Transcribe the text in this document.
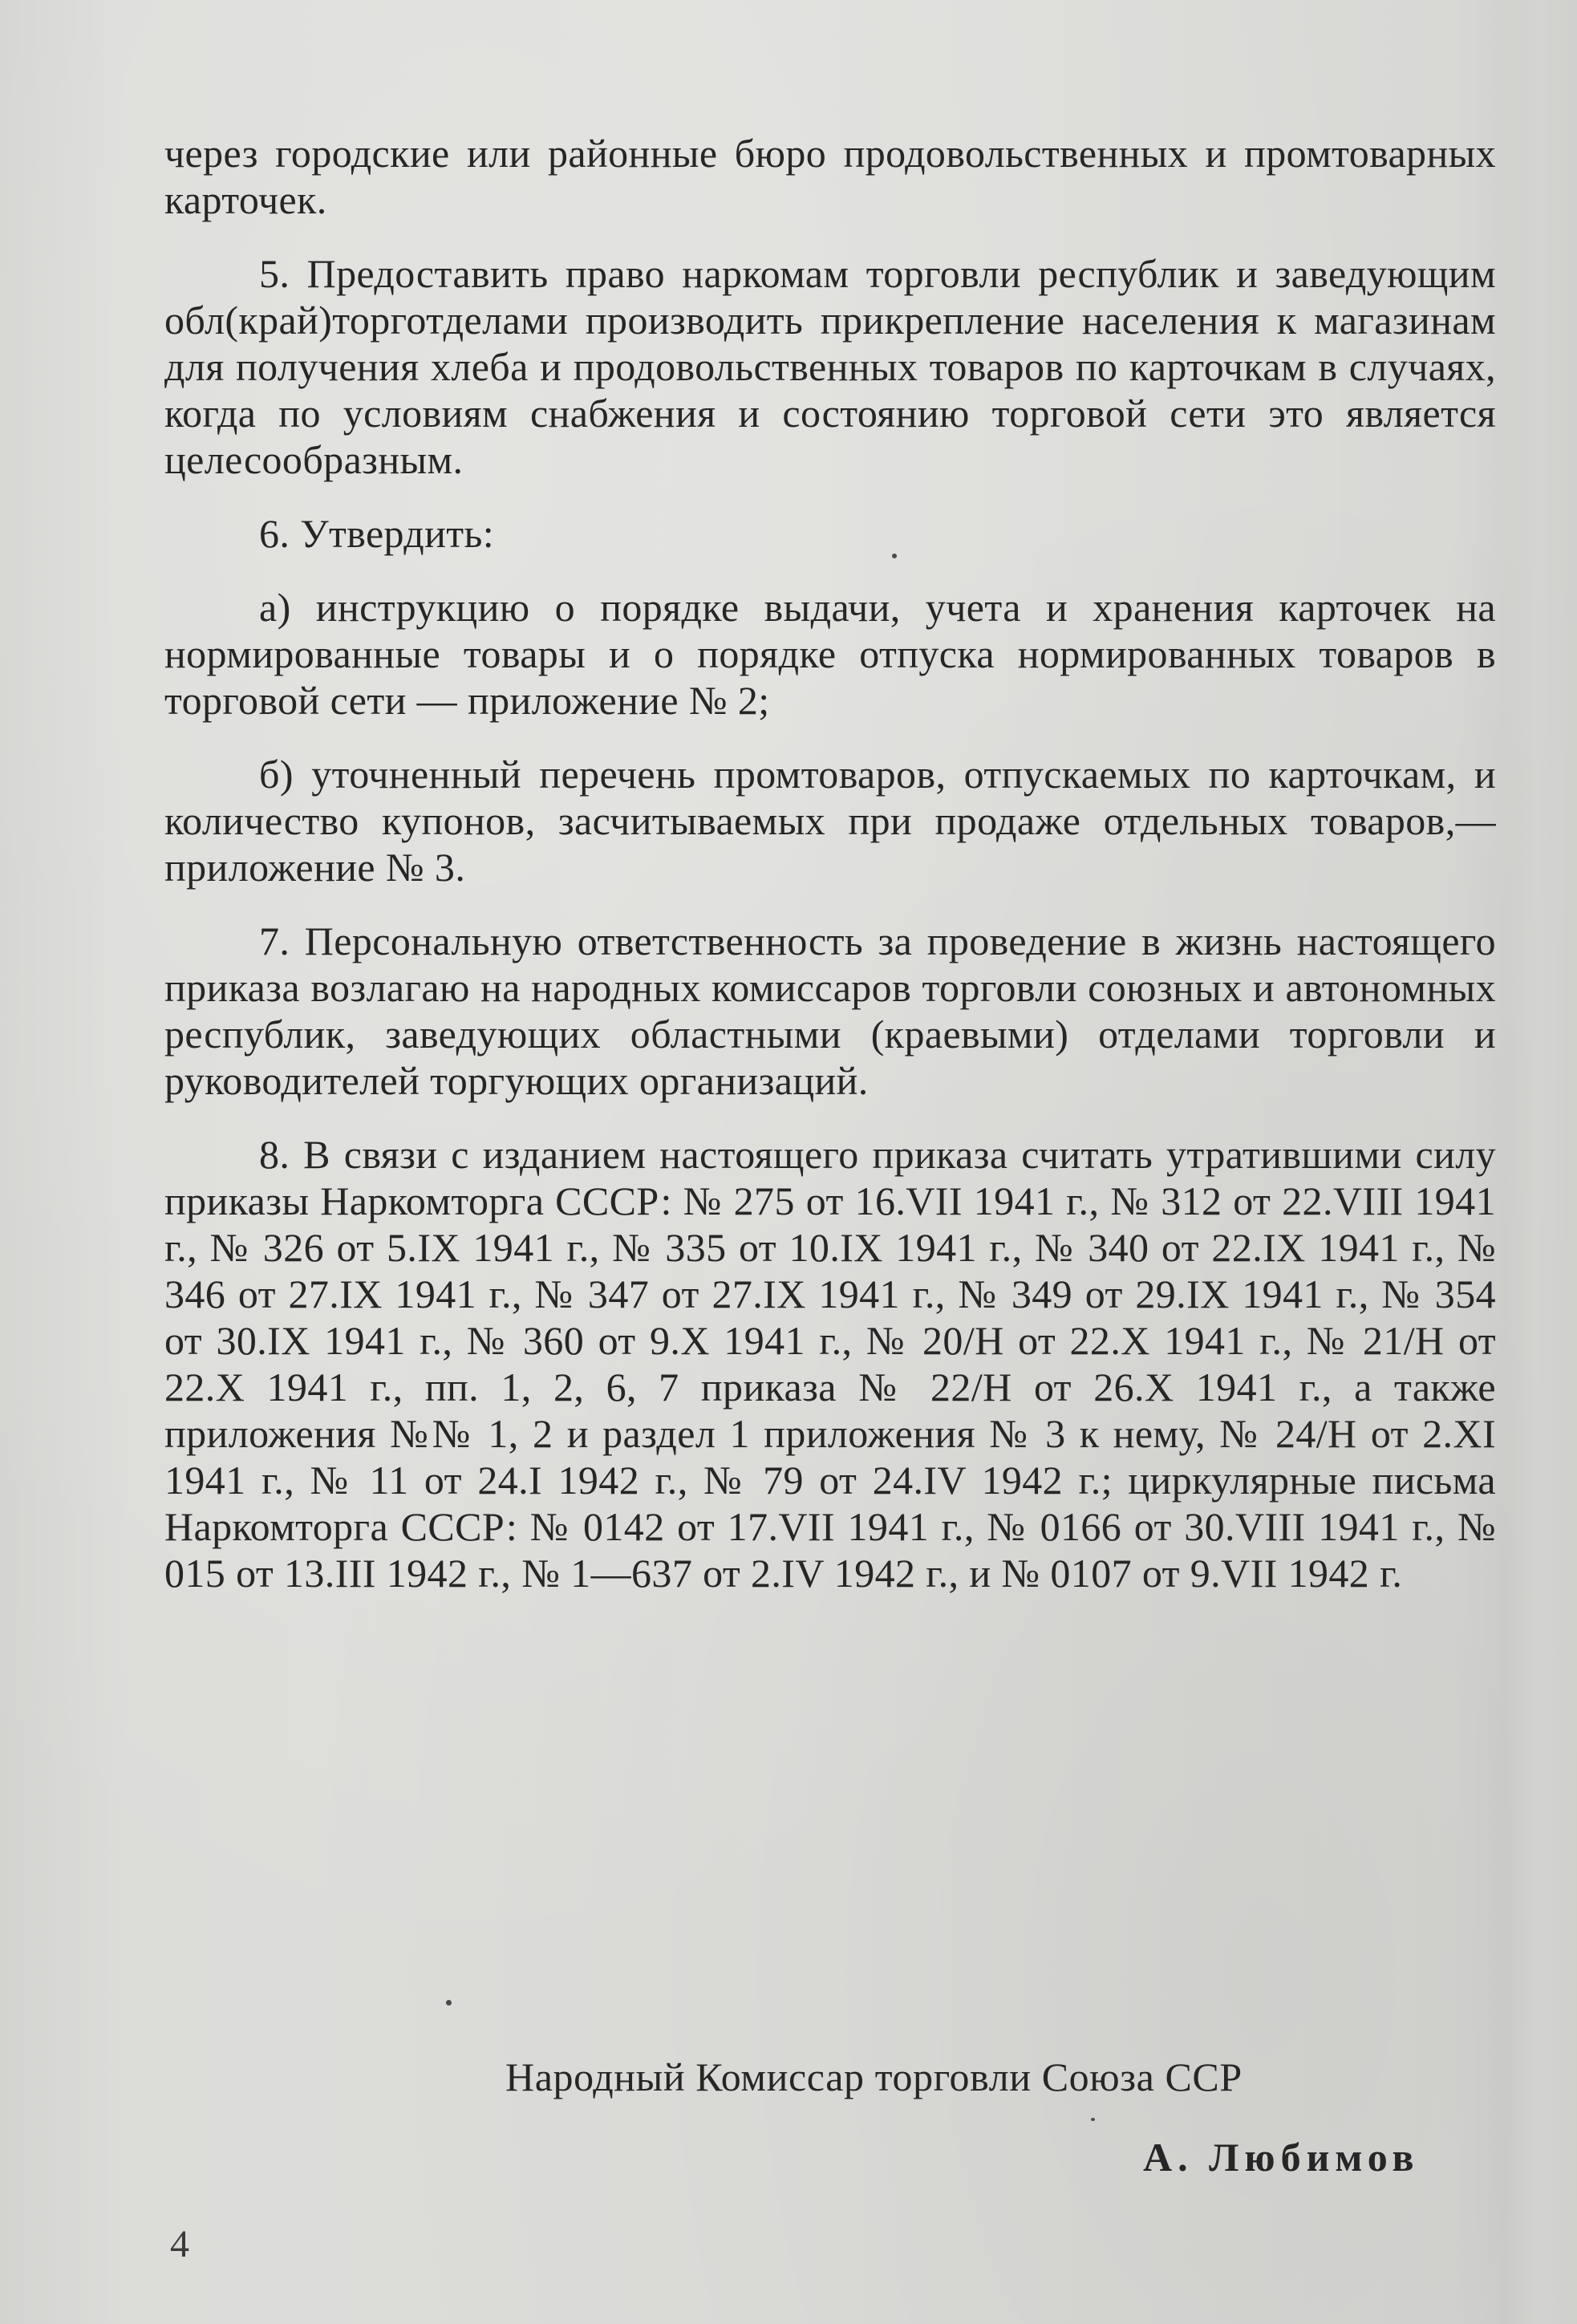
через городские или районные бюро продовольственных и промтоварных карточек.

5. Предоставить право наркомам торговли республик и заведующим обл(край)торготделами производить прикрепление населения к магазинам для получения хлеба и продовольственных товаров по карточкам в случаях, когда по условиям снабжения и состоянию торговой сети это является целесообразным.

6. Утвердить:

а) инструкцию о порядке выдачи, учета и хранения карточек на нормированные товары и о порядке отпуска нормированных товаров в торговой сети — приложение № 2;

б) уточненный перечень промтоваров, отпускаемых по карточкам, и количество купонов, засчитываемых при продаже отдельных товаров,— приложение № 3.

7. Персональную ответственность за проведение в жизнь настоящего приказа возлагаю на народных комиссаров торговли союзных и автономных республик, заведующих областными (краевыми) отделами торговли и руководителей торгующих организаций.

8. В связи с изданием настоящего приказа считать утратившими силу приказы Наркомторга СССР: № 275 от 16.VII 1941 г., № 312 от 22.VIII 1941 г., № 326 от 5.IX 1941 г., № 335 от 10.IX 1941 г., № 340 от 22.IX 1941 г., № 346 от 27.IX 1941 г., № 347 от 27.IX 1941 г., № 349 от 29.IX 1941 г., № 354 от 30.IX 1941 г., № 360 от 9.X 1941 г., № 20/Н от 22.X 1941 г., № 21/Н от 22.X 1941 г., пп. 1, 2, 6, 7 приказа № 22/Н от 26.X 1941 г., а также приложения №№ 1, 2 и раздел 1 приложения № 3 к нему, № 24/Н от 2.XI 1941 г., № 11 от 24.I 1942 г., № 79 от 24.IV 1942 г.; циркулярные письма Наркомторга СССР: № 0142 от 17.VII 1941 г., № 0166 от 30.VIII 1941 г., № 015 от 13.III 1942 г., № 1—637 от 2.IV 1942 г., и № 0107 от 9.VII 1942 г.

Народный Комиссар торговли Союза ССР
А. Любимов
4
